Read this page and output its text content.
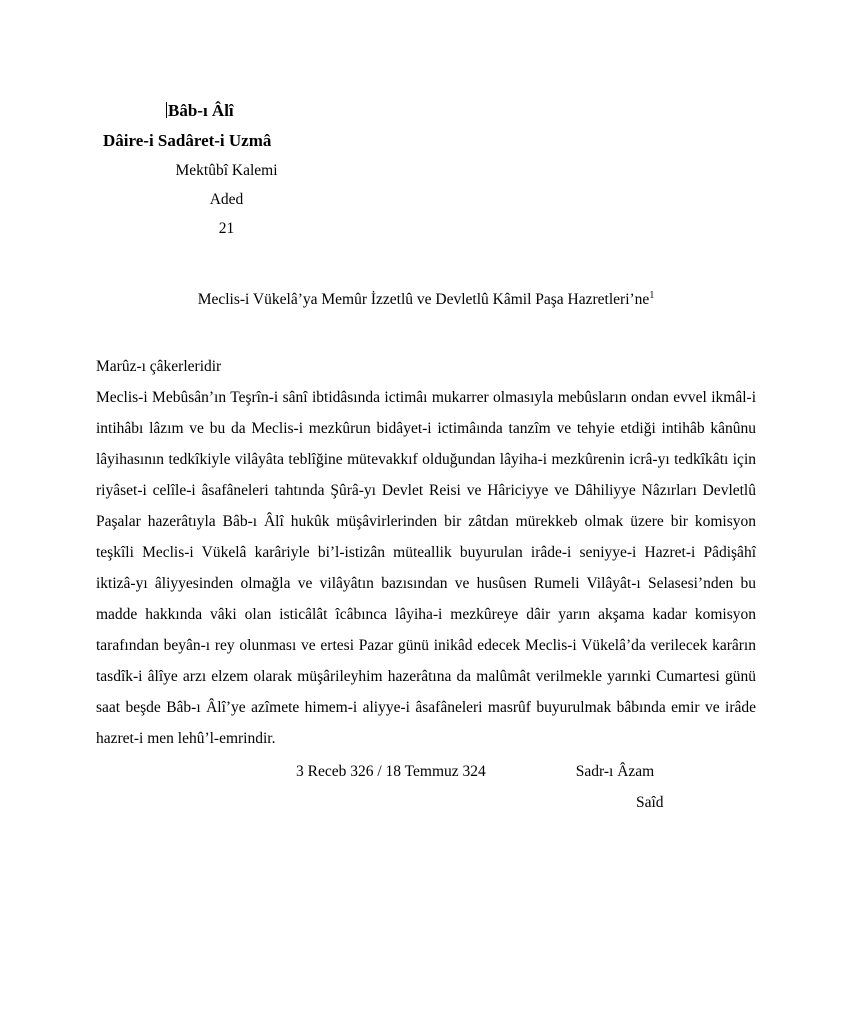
Bâb-ı Âlî
Dâire-i Sadâret-i Uzmâ
Mektûbî Kalemi
Aded
21
Meclis-i Vükelâ’ya Memûr İzzetlû ve Devletlû Kâmil Paşa $Hazretleri’ne^1$
Marûz-ı çâkerleridir

Meclis-i Mebûsân’ın Teşrîn-i sânî ibtidâsında ictimâı mukarrer olmasıyla mebûsların ondan evvel ikmâl-i intihâbı lâzım ve bu da Meclis-i mezkûrun bidâyet-i ictimâında tanzîm ve tehyie etdiği intihâb kânûnu lâyihasının tedkîkiyle vilâyâta teblîğine mütevakkıf olduğundan lâyiha-i mezkûrenin icrâ-yı tedkîkâtı için riyâset-i celîle-i âsafâneleri tahtında Şûrâ-yı Devlet Reisi ve Hâriciyye ve Dâhiliyye Nâzırları Devletlû Paşalar hazerâtıyla Bâb-ı Âlî hukûk müşâvirlerinden bir zâtdan mürekkeb olmak üzere bir komisyon teşkîli Meclis-i Vükelâ karâriyle bi’l-istizân müteallik buyurulan irâde-i seniyye-i Hazret-i Pâdişâhî iktizâ-yı âliyyesinden olmağla ve vilâyâtın bazısından ve husûsen Rumeli Vilâyât-ı Selasesi’nden bu madde hakkında vâki olan isticâlât îcâbınca lâyiha-i mezkûreye dâir yarın akşama kadar komisyon tarafından beyân-ı rey olunması ve ertesi Pazar günü inikâd edecek Meclis-i Vükelâ’da verilecek karârın tasdîk-i âlîye arzı elzem olarak müşârileyhim hazerâtına da malûmât verilmekle yarınki Cumartesi günü saat beşde Bâb-ı Âlî’ye azîmete himem-i aliyye-i âsafâneleri masrûf buyurulmak bâbında emir ve irâde hazret-i men lehû’l-emrindir.

3 Receb 326 / 18 Temmuz 324	Sadr-ı Âzam
Saîd
